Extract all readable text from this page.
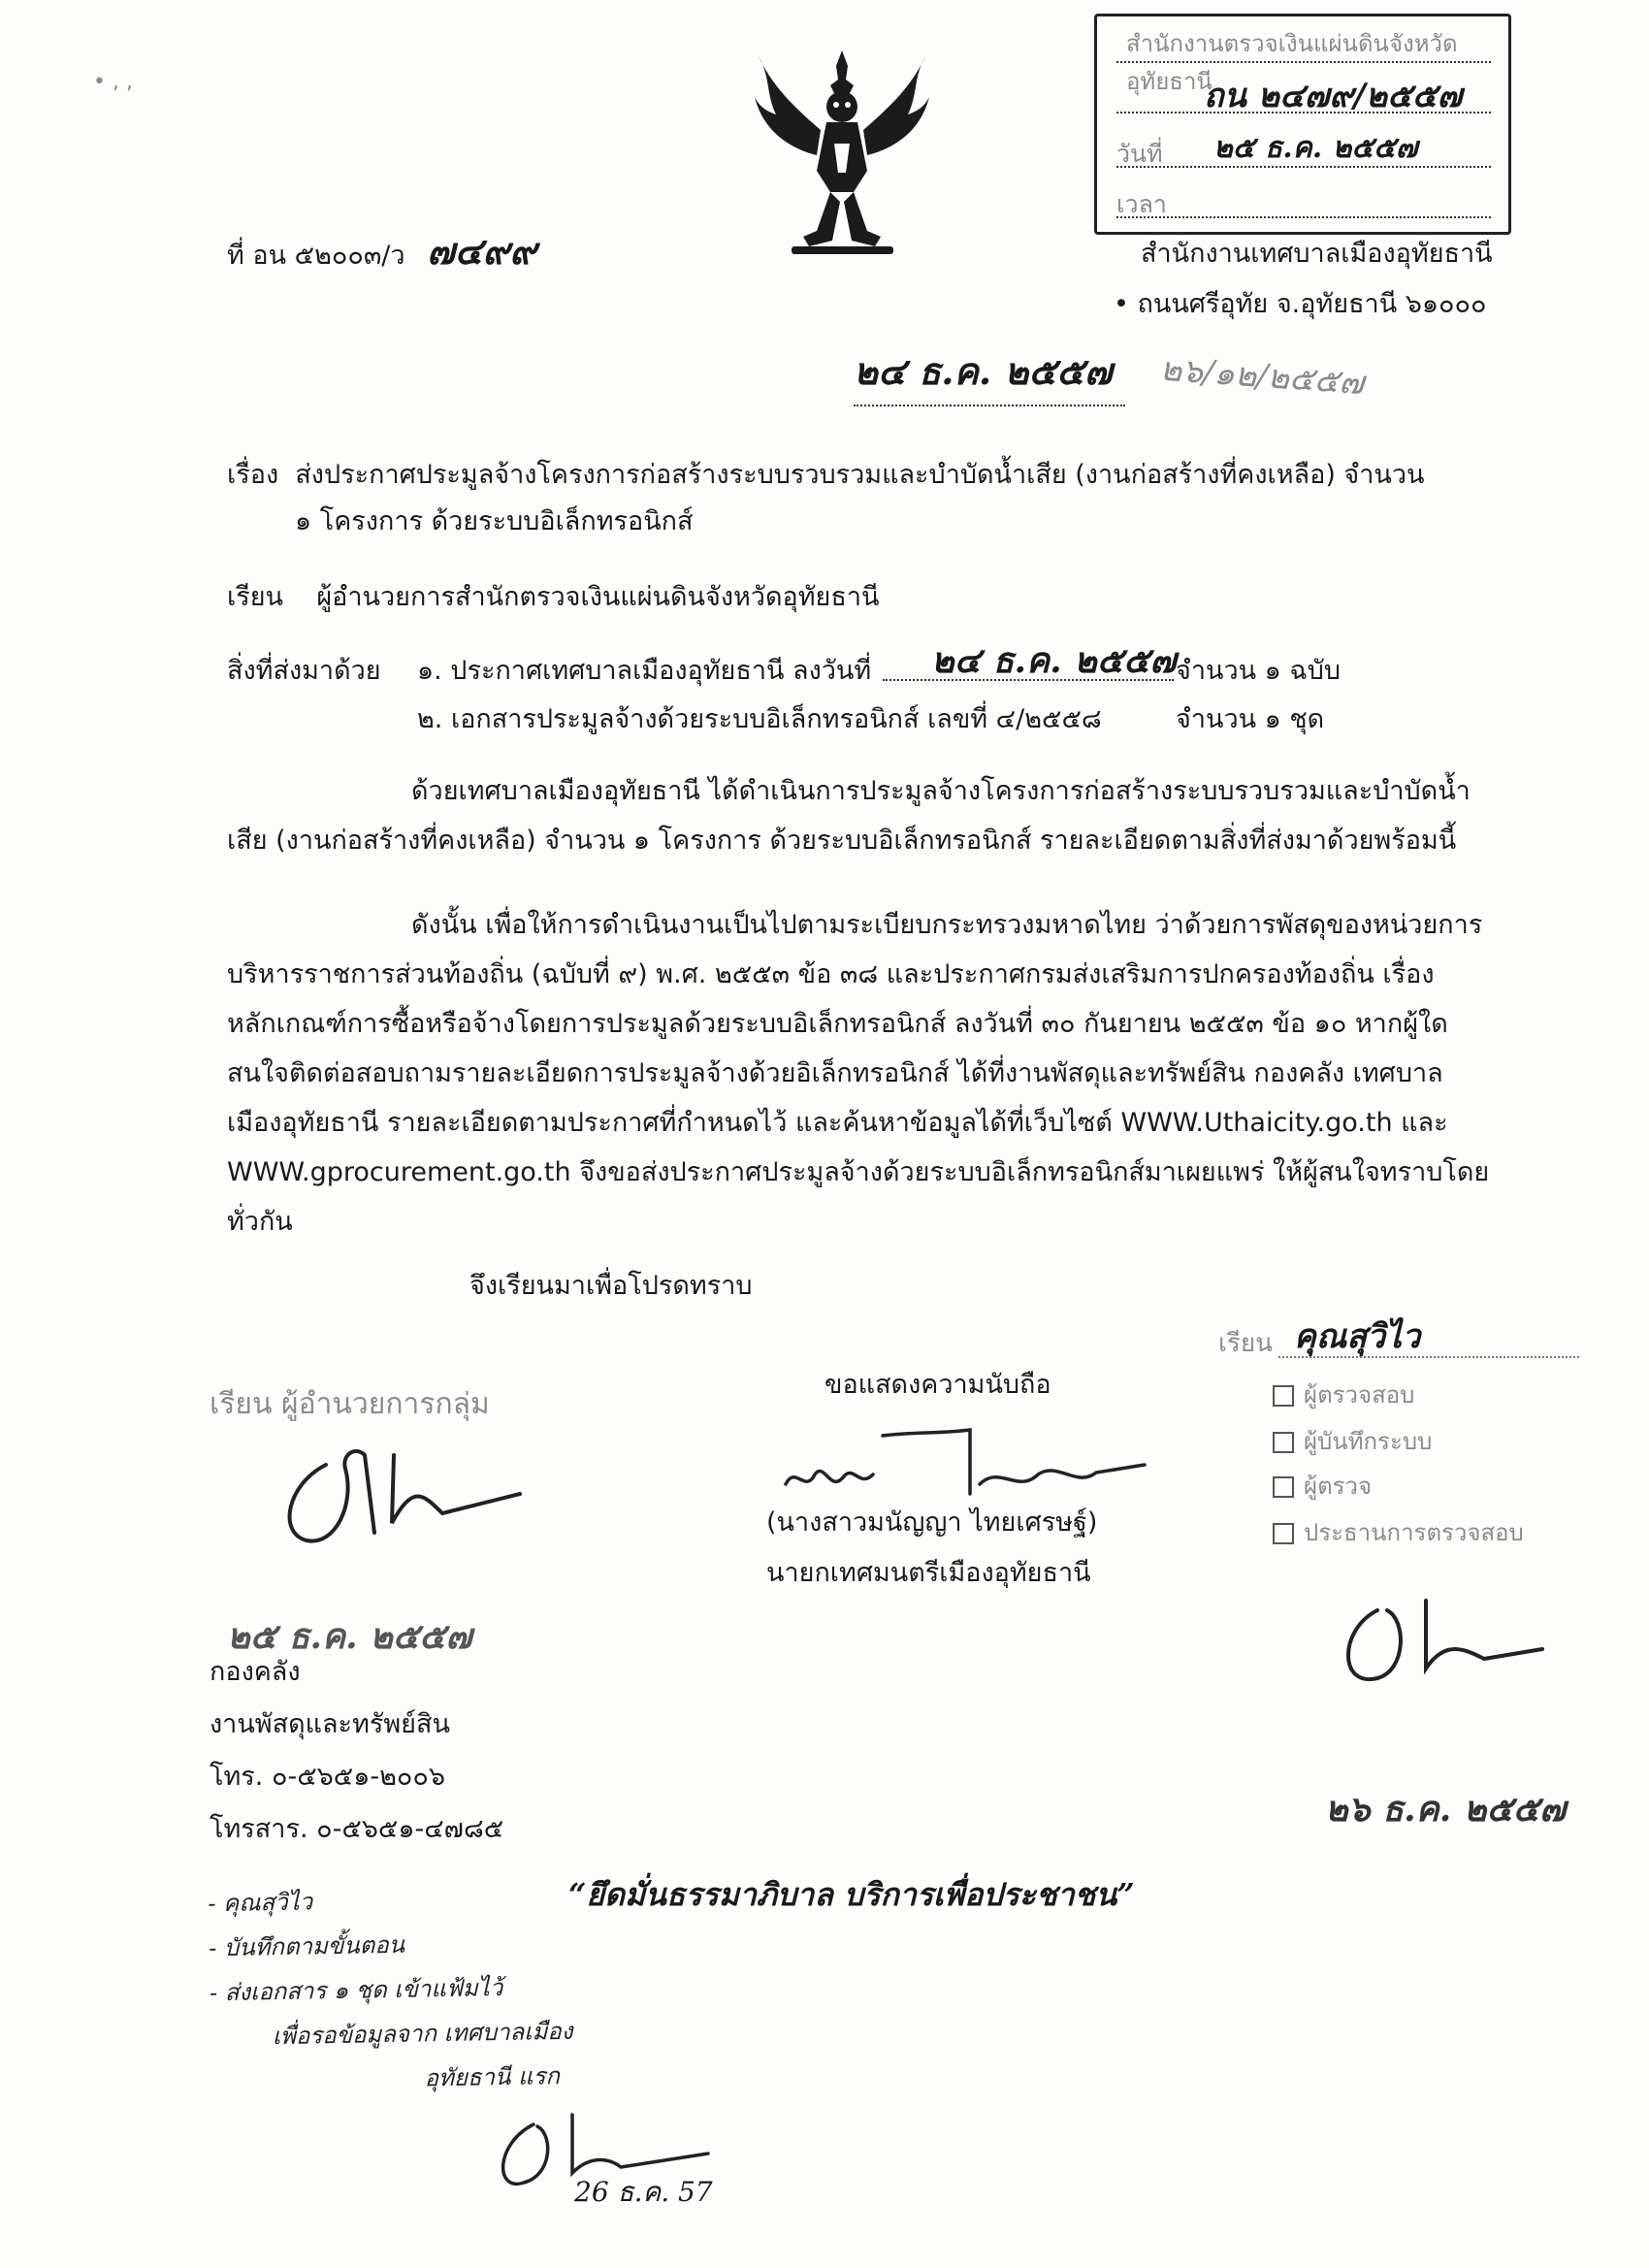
• , ,
สำนักงานตรวจเงินแผ่นดินจังหวัดอุทัยธานี
ถน ๒๔๗๙/๒๕๕๗
วันที่ ๒๕ ธ.ค. ๒๕๕๗
เวลา
ที่ อน ๕๒๐๐๓/ว ๗๔๙๙	สำนักงานเทศบาลเมืองอุทัยธานี
• ถนนศรีอุทัย จ.อุทัยธานี ๖๑๐๐๐
๒๔ ธ.ค. ๒๕๕๗	๒๖/๑๒/๒๕๕๗
เรื่อง ส่งประกาศประมูลจ้างโครงการก่อสร้างระบบรวบรวมและบำบัดน้ำเสีย (งานก่อสร้างที่คงเหลือ) จำนวน
๑ โครงการ ด้วยระบบอิเล็กทรอนิกส์
เรียน ผู้อำนวยการสำนักตรวจเงินแผ่นดินจังหวัดอุทัยธานี
สิ่งที่ส่งมาด้วย ๑. ประกาศเทศบาลเมืองอุทัยธานี ลงวันที่ ๒๔ ธ.ค. ๒๕๕๗ จำนวน ๑ ฉบับ
๒. เอกสารประมูลจ้างด้วยระบบอิเล็กทรอนิกส์ เลขที่ ๔/๒๕๕๘	จำนวน ๑ ชุด
ด้วยเทศบาลเมืองอุทัยธานี ได้ดำเนินการประมูลจ้างโครงการก่อสร้างระบบรวบรวมและบำบัดน้ำ
เสีย (งานก่อสร้างที่คงเหลือ) จำนวน ๑ โครงการ ด้วยระบบอิเล็กทรอนิกส์ รายละเอียดตามสิ่งที่ส่งมาด้วยพร้อมนี้
ดังนั้น เพื่อให้การดำเนินงานเป็นไปตามระเบียบกระทรวงมหาดไทย ว่าด้วยการพัสดุของหน่วยการ
บริหารราชการส่วนท้องถิ่น (ฉบับที่ ๙) พ.ศ. ๒๕๕๓ ข้อ ๓๘ และประกาศกรมส่งเสริมการปกครองท้องถิ่น เรื่อง
หลักเกณฑ์การซื้อหรือจ้างโดยการประมูลด้วยระบบอิเล็กทรอนิกส์ ลงวันที่ ๓๐ กันยายน ๒๕๕๓ ข้อ ๑๐ หากผู้ใด
สนใจติดต่อสอบถามรายละเอียดการประมูลจ้างด้วยอิเล็กทรอนิกส์ ได้ที่งานพัสดุและทรัพย์สิน กองคลัง เทศบาล
เมืองอุทัยธานี รายละเอียดตามประกาศที่กำหนดไว้ และค้นหาข้อมูลได้ที่เว็บไซต์ WWW.Uthaicity.go.th และ
WWW.gprocurement.go.th จึงขอส่งประกาศประมูลจ้างด้วยระบบอิเล็กทรอนิกส์มาเผยแพร่ ให้ผู้สนใจทราบโดย
ทั่วกัน
จึงเรียนมาเพื่อโปรดทราบ
เรียน ผู้อำนวยการกลุ่ม
๒๕ ธ.ค. ๒๕๕๗
ขอแสดงความนับถือ
(นางสาวมนัญญา ไทยเศรษฐ์)
นายกเทศมนตรีเมืองอุทัยธานี
เรียน คุณสุวิไว
ผู้ตรวจสอบ
ผู้บันทึกระบบ
ผู้ตรวจ
ประธานการตรวจสอบ
๒๖ ธ.ค. ๒๕๕๗
กองคลัง
งานพัสดุและทรัพย์สิน
โทร. ๐-๕๖๕๑-๒๐๐๖
โทรสาร. ๐-๕๖๕๑-๔๗๘๕
“ยึดมั่นธรรมาภิบาล บริการเพื่อประชาชน”
- คุณสุวิไว
- บันทึกตามขั้นตอน
- ส่งเอกสาร ๑ ชุด เข้าแฟ้มไว้
เพื่อรอข้อมูลจาก เทศบาลเมือง
อุทัยธานี แรก
26 ธ.ค. 57
